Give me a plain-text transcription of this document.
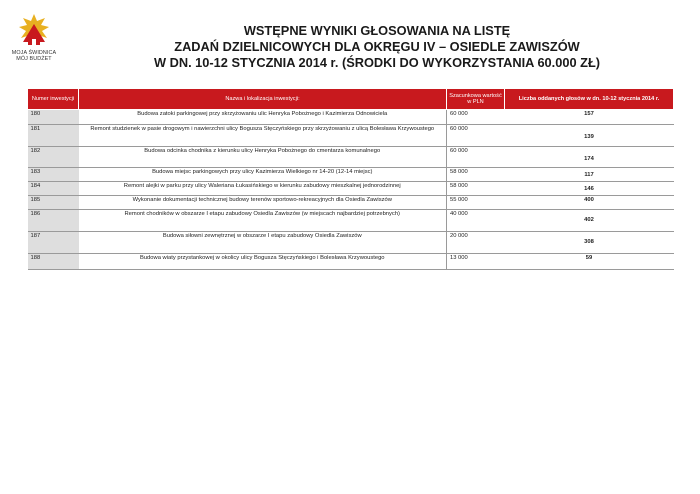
MOJA ŚWIDNICA
MÓJ BUDŻET
WSTĘPNE WYNIKI GŁOSOWANIA NA LISTĘ
ZADAŃ DZIELNICOWYCH DLA OKRĘGU IV – OSIEDLE ZAWISZÓW
W DN. 10-12 STYCZNIA 2014 r. (ŚRODKI DO WYKORZYSTANIA 60.000 ZŁ)
Numer inwestycji	Nazwa i lokalizacja inwestycji:	Szacunkowa wartość w PLN	Liczba oddanych głosów w dn. 10-12 stycznia 2014 r.
180	Budowa zatoki parkingowej przy skrzyżowaniu ulic Henryka Pobożnego i Kazimierza Odnowiciela	60 000	157
181	Remont studzienek w pasie drogowym i nawierzchni ulicy Bogusza Stęczyńskiego przy skrzyżowaniu z ulicą Bolesława Krzywoustego	60 000	139
182	Budowa odcinka chodnika z kierunku ulicy Henryka Pobożnego do cmentarza komunalnego	60 000	174
183	Budowa miejsc parkingowych przy ulicy Kazimierza Wielkiego nr 14-20 (12-14 miejsc)	58 000	117
184	Remont alejki w parku przy ulicy Waleriana Łukasińskiego w kierunku zabudowy mieszkalnej jednorodzinnej	58 000	146
185	Wykonanie dokumentacji technicznej budowy terenów sportowo-rekreacyjnych dla Osiedla Zawiszów	55 000	400
186	Remont chodników w obszarze I etapu zabudowy Osiedla Zawiszów (w miejscach najbardziej potrzebnych)	40 000	402
187	Budowa siłowni zewnętrznej w obszarze I etapu zabudowy Osiedla Zawiszów	20 000	308
188	Budowa wiaty przystankowej w okolicy ulicy Bogusza Stęczyńskiego i Bolesława Krzywoustego	13 000	59
